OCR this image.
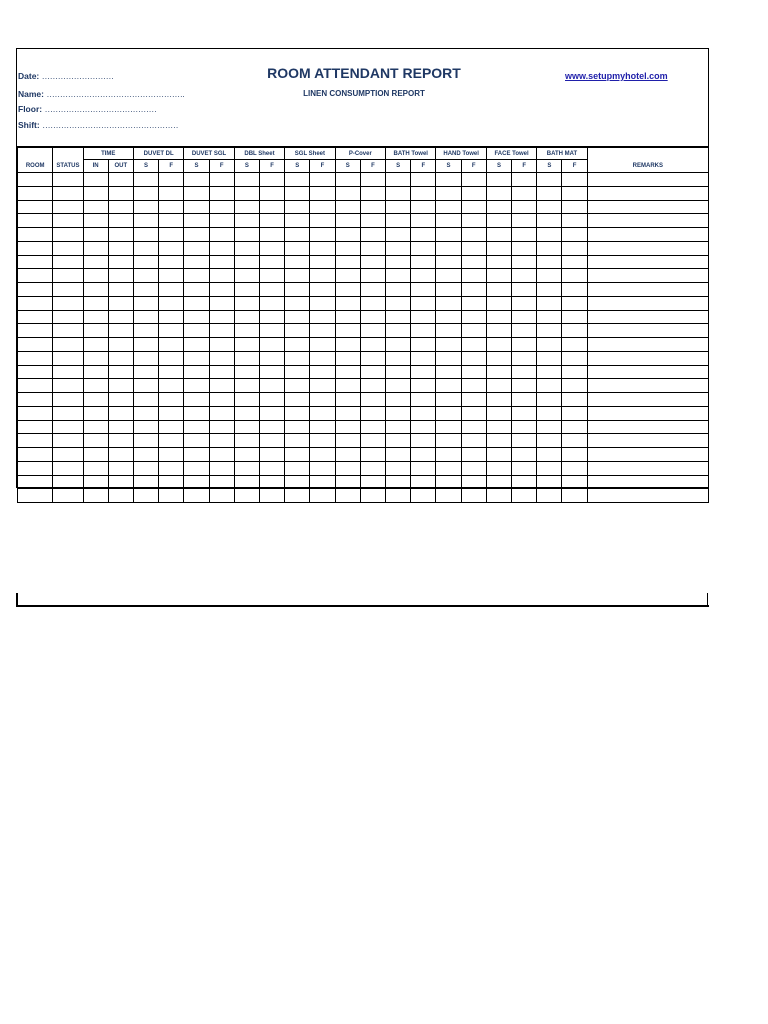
Date: ………………………
Name: …………………………………………….
Floor: ……………………………………
Shift: ……………………………………………
ROOM ATTENDANT REPORT
LINEN CONSUMPTION REPORT
www.setupmyhotel.com
		TIME		DUVET DL		DUVET SGL		DBL Sheet		SGL Sheet		P-Cover		BATH Towel		HAND Towel		FACE Towel		BATH MAT		
ROOM	STATUS	IN	OUT	S	F	S	F	S	F	S	F	S	F	S	F	S	F	S	F	S	F	REMARKS
